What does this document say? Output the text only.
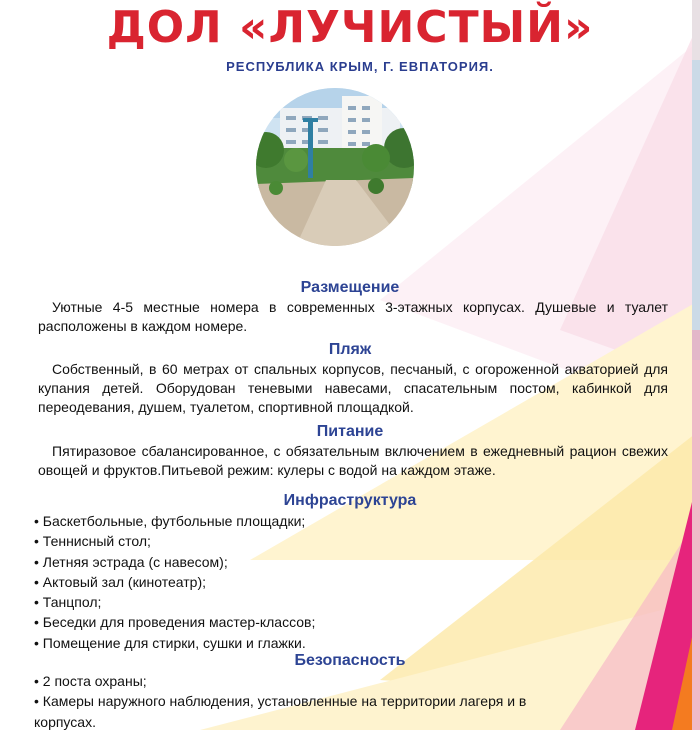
ДОЛ «ЛУЧИСТЫЙ»
РЕСПУБЛИКА КРЫМ, Г. ЕВПАТОРИЯ.
Размещение

Уютные 4-5 местные номера в современных 3-этажных корпусах. Душевые и туалет расположены в каждом номере.

Пляж

Собственный, в 60 метрах от спальных корпусов, песчаный, с огороженной акваторией для купания детей. Оборудован теневыми навесами, спасательным постом, кабинкой для переодевания, душем, туалетом, спортивной площадкой.

Питание

Пятиразовое сбалансированное, с обязательным включением в ежедневный рацион свежих овощей и фруктов.Питьевой режим: кулеры с водой на каждом этаже.

Инфраструктура
• Баскетбольные, футбольные площадки;
• Теннисный стол;
• Летняя эстрада (с навесом);
• Актовый зал (кинотеатр);
• Танцпол;
• Беседки для проведения мастер-классов;
• Помещение для стирки, сушки и глажки.
Безопасность
• 2 поста охраны;
• Камеры наружного наблюдения, установленные на территории лагеря и в корпусах.
